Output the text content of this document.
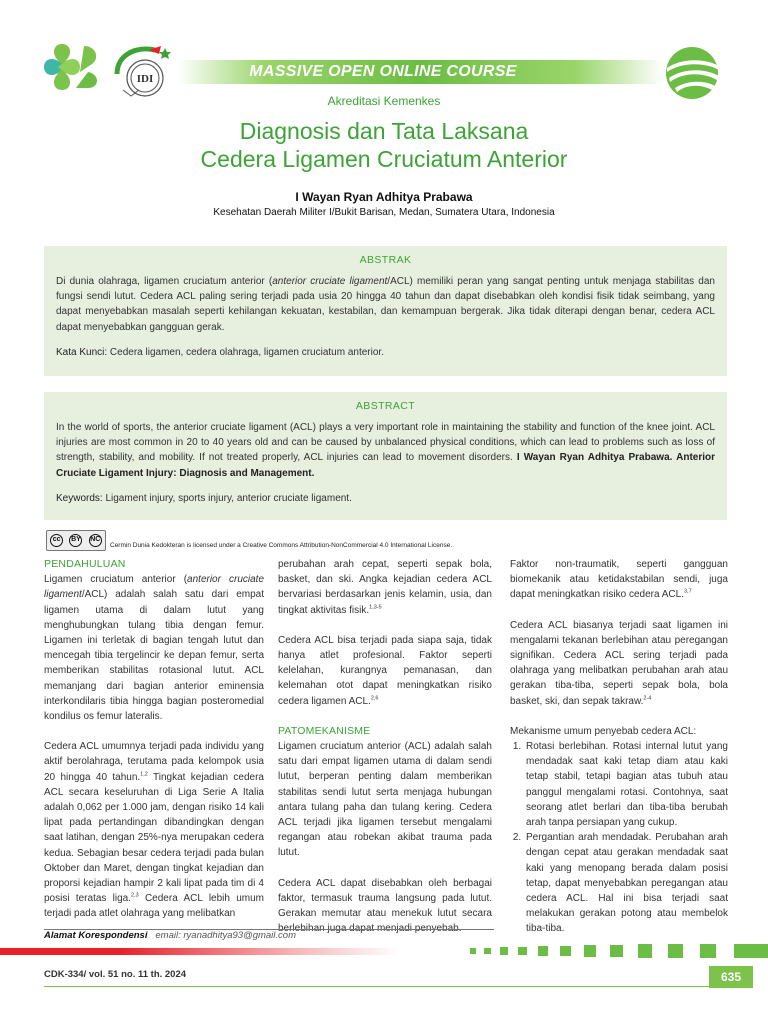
IDI	MASSIVE OPEN ONLINE COURSE
Akreditasi Kemenkes
Diagnosis dan Tata Laksana
Cedera Ligamen Cruciatum Anterior
I Wayan Ryan Adhitya Prabawa
Kesehatan Daerah Militer I/Bukit Barisan, Medan, Sumatera Utara, Indonesia
ABSTRAK

Di dunia olahraga, ligamen cruciatum anterior (anterior cruciate ligament/ACL) memiliki peran yang sangat penting untuk menjaga stabilitas dan fungsi sendi lutut. Cedera ACL paling sering terjadi pada usia 20 hingga 40 tahun dan dapat disebabkan oleh kondisi fisik tidak seimbang, yang dapat menyebabkan masalah seperti kehilangan kekuatan, kestabilan, dan kemampuan bergerak. Jika tidak diterapi dengan benar, cedera ACL dapat menyebabkan gangguan gerak.

Kata Kunci: Cedera ligamen, cedera olahraga, ligamen cruciatum anterior.

ABSTRACT

In the world of sports, the anterior cruciate ligament (ACL) plays a very important role in maintaining the stability and function of the knee joint. ACL injuries are most common in 20 to 40 years old and can be caused by unbalanced physical conditions, which can lead to problems such as loss of strength, stability, and mobility. If not treated properly, ACL injuries can lead to movement disorders. I Wayan Ryan Adhitya Prabawa. Anterior Cruciate Ligament Injury: Diagnosis and Management.

Keywords: Ligament injury, sports injury, anterior cruciate ligament.

cc	BY NC
Cermin Dunia Kedokteran is licensed under a Creative Commons Attribution-NonCommercial 4.0 International License.
PENDAHULUAN

Ligamen cruciatum anterior (anterior cruciate ligament/ACL) adalah salah satu dari empat ligamen utama di dalam lutut yang menghubungkan tulang tibia dengan femur. Ligamen ini terletak di bagian tengah lutut dan mencegah tibia tergelincir ke depan femur, serta memberikan stabilitas rotasional lutut. ACL memanjang dari bagian anterior eminensia interkondilaris tibia hingga bagian posteromedial kondilus os femur lateralis.

Cedera ACL umumnya terjadi pada individu yang aktif berolahraga, terutama pada kelompok usia 20 hingga 40 tahun.$^{1,2}$ Tingkat kejadian cedera ACL secara keseluruhan di Liga Serie A Italia adalah 0,062 per 1.000 jam, dengan risiko 14 kali lipat pada pertandingan dibandingkan dengan saat latihan, dengan 25%-nya merupakan cedera kedua. Sebagian besar cedera terjadi pada bulan Oktober dan Maret, dengan tingkat kejadian dan proporsi kejadian hampir 2 kali lipat pada tim di 4 posisi teratas liga.$^{2,3}$ Cedera ACL lebih umum terjadi pada atlet olahraga yang melibatkan

perubahan arah cepat, seperti sepak bola, basket, dan ski. Angka kejadian cedera ACL bervariasi berdasarkan jenis kelamin, usia, dan tingkat aktivitas fisik.$^{1,3-5}$

Cedera ACL bisa terjadi pada siapa saja, tidak hanya atlet profesional. Faktor seperti kelelahan, kurangnya pemanasan, dan kelemahan otot dapat meningkatkan risiko cedera ligamen ACL.$^{2,6}$

PATOMEKANISME

Ligamen cruciatum anterior (ACL) adalah salah satu dari empat ligamen utama di dalam sendi lutut, berperan penting dalam memberikan stabilitas sendi lutut serta menjaga hubungan antara tulang paha dan tulang kering. Cedera ACL terjadi jika ligamen tersebut mengalami regangan atau robekan akibat trauma pada lutut.

Cedera ACL dapat disebabkan oleh berbagai faktor, termasuk trauma langsung pada lutut. Gerakan memutar atau menekuk lutut secara berlebihan juga dapat menjadi penyebab.

Faktor non-traumatik, seperti gangguan biomekanik atau ketidakstabilan sendi, juga dapat meningkatkan risiko cedera ACL.$^{3,7}$

Cedera ACL biasanya terjadi saat ligamen ini mengalami tekanan berlebihan atau peregangan signifikan. Cedera ACL sering terjadi pada olahraga yang melibatkan perubahan arah atau gerakan tiba-tiba, seperti sepak bola, bola basket, ski, dan sepak takraw.$^{2-4}$

Mekanisme umum penyebab cedera ACL:

1. Rotasi berlebihan. Rotasi internal lutut yang mendadak saat kaki tetap diam atau kaki tetap stabil, tetapi bagian atas tubuh atau panggul mengalami rotasi. Contohnya, saat seorang atlet berlari dan tiba-tiba berubah arah tanpa persiapan yang cukup.
2. Pergantian arah mendadak. Perubahan arah dengan cepat atau gerakan mendadak saat kaki yang menopang berada dalam posisi tetap, dapat menyebabkan peregangan atau cedera ACL. Hal ini bisa terjadi saat melakukan gerakan potong atau membelok tiba-tiba.
Alamat Korespondensi email: ryanadhitya93@gmail.com
CDK-334/ vol. 51 no. 11 th. 2024	635
